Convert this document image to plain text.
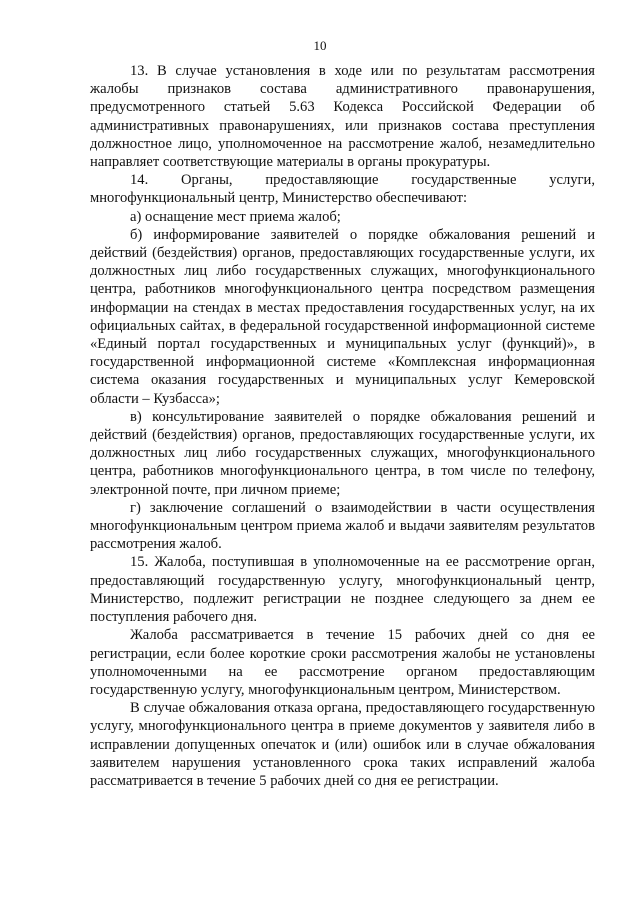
10

13. В случае установления в ходе или по результатам рассмотрения жалобы признаков состава административного правонарушения, предусмотренного статьей 5.63 Кодекса Российской Федерации об административных правонарушениях, или признаков состава преступления должностное лицо, уполномоченное на рассмотрение жалоб, незамедлительно направляет соответствующие материалы в органы прокуратуры.

14. Органы, предоставляющие государственные услуги, многофункциональный центр, Министерство обеспечивают:

а) оснащение мест приема жалоб;

б) информирование заявителей о порядке обжалования решений и действий (бездействия) органов, предоставляющих государственные услуги, их должностных лиц либо государственных служащих, многофункционального центра, работников многофункционального центра посредством размещения информации на стендах в местах предоставления государственных услуг, на их официальных сайтах, в федеральной государственной информационной системе «Единый портал государственных и муниципальных услуг (функций)», в государственной информационной системе «Комплексная информационная система оказания государственных и муниципальных услуг Кемеровской области – Кузбасса»;

в) консультирование заявителей о порядке обжалования решений и действий (бездействия) органов, предоставляющих государственные услуги, их должностных лиц либо государственных служащих, многофункционального центра, работников многофункционального центра, в том числе по телефону, электронной почте, при личном приеме;

г) заключение соглашений о взаимодействии в части осуществления многофункциональным центром приема жалоб и выдачи заявителям результатов рассмотрения жалоб.

15. Жалоба, поступившая в уполномоченные на ее рассмотрение орган, предоставляющий государственную услугу, многофункциональный центр, Министерство, подлежит регистрации не позднее следующего за днем ее поступления рабочего дня.

Жалоба рассматривается в течение 15 рабочих дней со дня ее регистрации, если более короткие сроки рассмотрения жалобы не установлены уполномоченными на ее рассмотрение органом предоставляющим государственную услугу, многофункциональным центром, Министерством.

В случае обжалования отказа органа, предоставляющего государственную услугу, многофункционального центра в приеме документов у заявителя либо в исправлении допущенных опечаток и (или) ошибок или в случае обжалования заявителем нарушения установленного срока таких исправлений жалоба рассматривается в течение 5 рабочих дней со дня ее регистрации.
